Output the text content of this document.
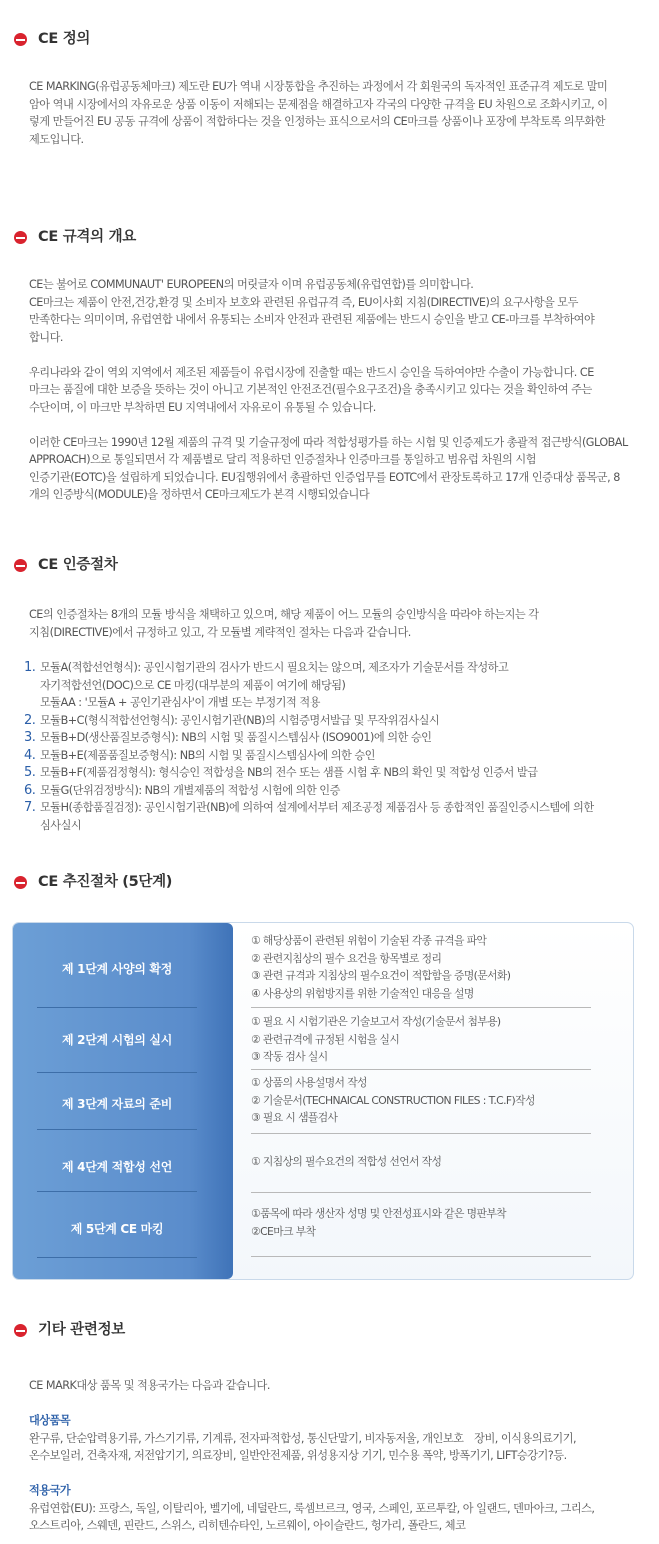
CE 정의

CE MARKING(유럽공동체마크) 제도란 EU가 역내 시장통합을 추진하는 과정에서 각 회원국의 독자적인 표준규격 제도로 말미

암아 역내 시장에서의 자유로운 상품 이동이 저해되는 문제점을 해결하고자 각국의 다양한 규격을 EU 차원으로 조화시키고, 이

렇게 만들어진 EU 공동 규격에 상품이 적합하다는 것을 인정하는 표식으로서의 CE마크를 상품이나 포장에 부착토록 의무화한

제도입니다.

CE 규격의 개요

CE는 불어로 COMMUNAUT' EUROPEEN의 머릿글자 이며 유럽공동체(유럽연합)를 의미합니다.

CE마크는 제품이 안전,건강,환경 및 소비자 보호와 관련된 유럽규격 즉, EU이사회 지침(DIRECTIVE)의 요구사항을 모두

만족한다는 의미이며, 유럽연합 내에서 유통되는 소비자 안전과 관련된 제품에는 반드시 승인을 받고 CE-마크를 부착하여야

합니다.

우리나라와 같이 역외 지역에서 제조된 제품들이 유럽시장에 진출할 때는 반드시 승인을 득하여야만 수출이 가능합니다. CE

마크는 품질에 대한 보증을 뜻하는 것이 아니고 기본적인 안전조건(필수요구조건)을 충족시키고 있다는 것을 확인하여 주는

수단이며, 이 마크만 부착하면 EU 지역내에서 자유로이 유통될 수 있습니다.

이러한 CE마크는 1990년 12월 제품의 규격 및 기술규정에 따라 적합성평가를 하는 시험 및 인증제도가 총괄적 접근방식(GLOBAL

APPROACH)으로 통일되면서 각 제품별로 달리 적용하던 인증절차나 인증마크를 통일하고 범유럽 차원의 시험

인증기관(EOTC)을 설립하게 되었습니다. EU집행위에서 총괄하던 인증업무를 EOTC에서 관장토록하고 17개 인증대상 품목군, 8

개의 인증방식(MODULE)을 정하면서 CE마크제도가 본격 시행되었습니다

CE 인증절차

CE의 인증절차는 8개의 모듈 방식을 채택하고 있으며, 해당 제품이 어느 모듈의 승인방식을 따라야 하는지는 각

지침(DIRECTIVE)에서 규정하고 있고, 각 모듈별 계략적인 절차는 다음과 같습니다.

1. 모듈A(적합선언형식): 공인시험기관의 검사가 반드시 필요치는 않으며, 제조자가 기술문서를 작성하고
자기적합선언(DOC)으로 CE 마킹(대부분의 제품이 여기에 해당됨)
모듈AA : '모듈A + 공인기관심사'이 개별 또는 부정기적 적용
2. 모듈B+C(형식적합선언형식): 공인시험기관(NB)의 시험증명서발급 및 무작위검사실시
3. 모듈B+D(생산품질보증형식): NB의 시험 및 품질시스템심사 (ISO9001)에 의한 승인
4. 모듈B+E(제품품질보증형식): NB의 시험 및 품질시스템심사에 의한 승인
5. 모듈B+F(제품검정형식): 형식승인 적합성을 NB의 전수 또는 샘플 시험 후 NB의 확인 및 적합성 인증서 발급
6. 모듈G(단위검정방식): NB의 개별제품의 적합성 시험에 의한 인증
7. 모듈H(종합품질검정): 공인시험기관(NB)에 의하여 설계에서부터 제조공정 제품검사 등 종합적인 품질인증시스템에 의한
심사실시
CE 추진절차 (5단계)
제 1단계 사양의 확정
제 2단계 시험의 실시
제 3단계 자료의 준비
제 4단계 적합성 선언
제 5단계 CE 마킹
① 해당상품이 관련된 위험이 기술된 각종 규격을 파악
② 관련지침상의 필수 요건을 항목별로 정리
③ 관련 규격과 지침상의 필수요건이 적합함을 증명(문서화)
④ 사용상의 위험방지를 위한 기술적인 대응을 설명
① 필요 시 시험기관은 기술보고서 작성(기술문서 첨부용)
② 관련규격에 규정된 시험을 실시
③ 작동 검사 실시
① 상품의 사용설명서 작성
② 기술문서(TECHNAICAL CONSTRUCTION FILES : T.C.F)작성
③ 필요 시 샘플검사
① 지침상의 필수요건의 적합성 선언서 작성
①품목에 따라 생산자 성명 및 안전성표시와 같은 명판부착
②CE마크 부착
기타 관련정보

CE MARK대상 품목 및 적용국가는 다음과 같습니다.

대상품목

완구류, 단순압력용기류, 가스기기류, 기계류, 전자파적합성, 통신단말기, 비자동저울, 개인보호　장비, 이식용의료기기,

온수보일러, 건축자재, 저전압기기, 의료장비, 일반안전제품, 위성용지상 기기, 민수용 폭약, 방폭기기, LIFT승강기?등.

적용국가

유럽연합(EU): 프랑스, 독일, 이탈리아, 벨기에, 네덜란드, 룩셈브르크, 영국, 스페인, 포르투칼, 아 일랜드, 덴마아크, 그리스,

오스트리아, 스웨덴, 핀란드, 스위스, 리히텐슈타인, 노르웨이, 아이슬란드, 헝가리, 폴란드, 체코
